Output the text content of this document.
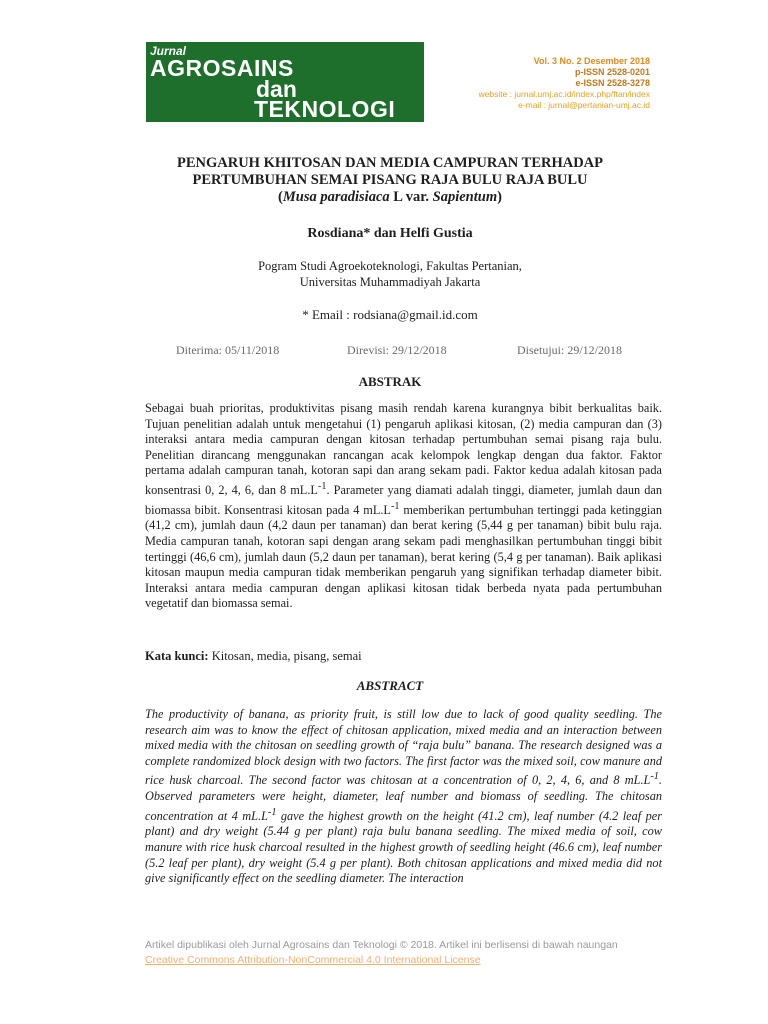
Jurnal
AGROSAINS
dan
TEKNOLOGI
Vol. 3 No. 2 Desember 2018
p-ISSN 2528-0201
e-ISSN 2528-3278
website : jurnal.umj.ac.id/index.php/ftan/index
e-mail : jurnal@pertanian-umj.ac.id
PENGARUH KHITOSAN DAN MEDIA CAMPURAN TERHADAP
PERTUMBUHAN SEMAI PISANG RAJA BULU RAJA BULU
(Musa paradisiaca L var. Sapientum)
Rosdiana* dan Helfi Gustia
Pogram Studi Agroekoteknologi, Fakultas Pertanian,
Universitas Muhammadiyah Jakarta
* Email : rodsiana@gmail.id.com
Diterima: 05/11/2018	Direvisi: 29/12/2018	Disetujui: 29/12/2018
ABSTRAK

Sebagai buah prioritas, produktivitas pisang masih rendah karena kurangnya bibit berkualitas baik. Tujuan penelitian adalah untuk mengetahui (1) pengaruh aplikasi kitosan, (2) media campuran dan (3) interaksi antara media campuran dengan kitosan terhadap pertumbuhan semai pisang raja bulu. Penelitian dirancang menggunakan rancangan acak kelompok lengkap dengan dua faktor. Faktor pertama adalah campuran tanah, kotoran sapi dan arang sekam padi. Faktor kedua adalah kitosan pada konsentrasi 0, 2, 4, 6, dan 8 $mL.L^{-1}$. Parameter yang diamati adalah tinggi, diameter, jumlah daun dan biomassa bibit. Konsentrasi kitosan pada 4 $mL.L^{-1}$ memberikan pertumbuhan tertinggi pada ketinggian (41,2 cm), jumlah daun (4,2 daun per tanaman) dan berat kering (5,44 g per tanaman) bibit bulu raja. Media campuran tanah, kotoran sapi dengan arang sekam padi menghasilkan pertumbuhan tinggi bibit tertinggi (46,6 cm), jumlah daun (5,2 daun per tanaman), berat kering (5,4 g per tanaman). Baik aplikasi kitosan maupun media campuran tidak memberikan pengaruh yang signifikan terhadap diameter bibit. Interaksi antara media campuran dengan aplikasi kitosan tidak berbeda nyata pada pertumbuhan vegetatif dan biomassa semai.

Kata kunci: Kitosan, media, pisang, semai
ABSTRACT

The productivity of banana, as priority fruit, is still low due to lack of good quality seedling. The research aim was to know the effect of chitosan application, mixed media and an interaction between mixed media with the chitosan on seedling growth of “raja bulu” banana. The research designed was a complete randomized block design with two factors. The first factor was the mixed soil, cow manure and rice husk charcoal. The second factor was chitosan at a concentration of 0, 2, 4, 6, and 8 $mL.L^{-1}$. Observed parameters were height, diameter, leaf number and biomass of seedling. The chitosan concentration at 4 $mL.L^{-1}$ gave the highest growth on the height (41.2 cm), leaf number (4.2 leaf per plant) and dry weight (5.44 g per plant) raja bulu banana seedling. The mixed media of soil, cow manure with rice husk charcoal resulted in the highest growth of seedling height (46.6 cm), leaf number (5.2 leaf per plant), dry weight (5.4 g per plant). Both chitosan applications and mixed media did not give significantly effect on the seedling diameter. The interaction

Artikel dipublikasi oleh Jurnal Agrosains dan Teknologi © 2018. Artikel ini berlisensi di bawah naungan
Creative Commons Attribution-NonCommercial 4.0 International License
